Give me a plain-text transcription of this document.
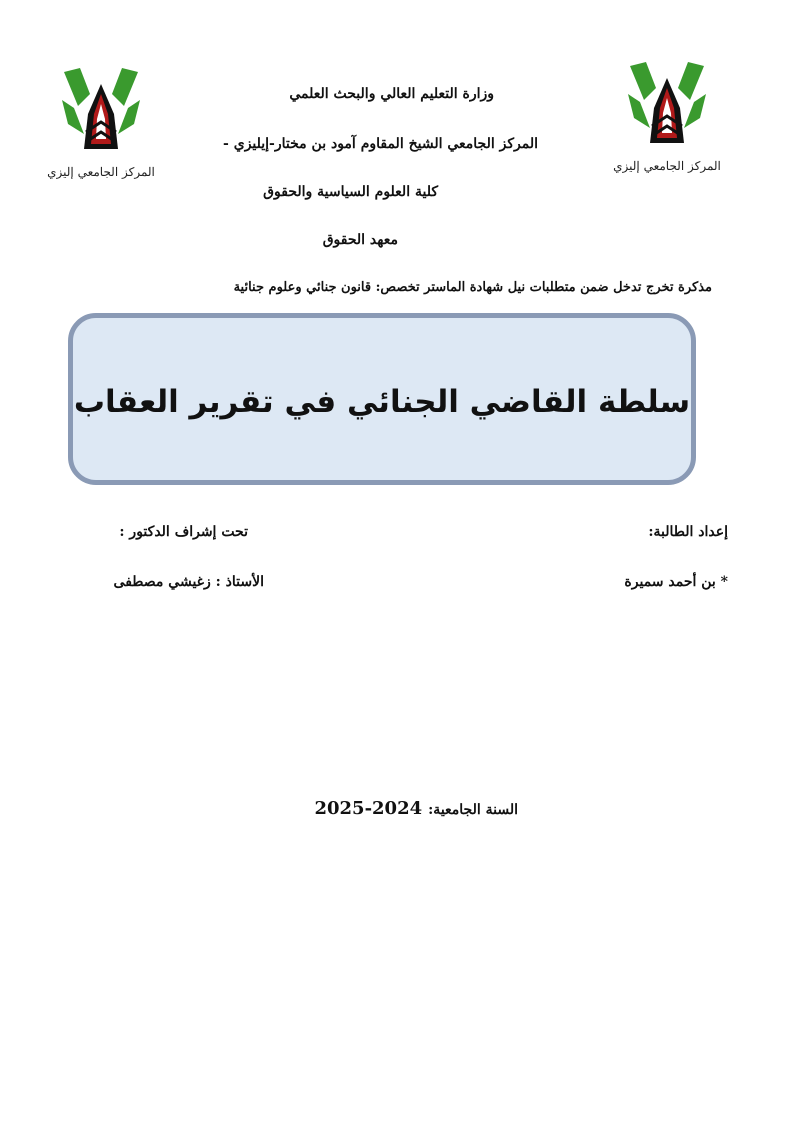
المركز الجامعي إليزي	المركز الجامعي إليزي
وزارة التعليم العالي والبحث العلمي
المركز الجامعي الشيخ المقاوم آمود بن مختار-إيليزي -
كلية العلوم السياسية والحقوق
معهد الحقوق
مذكرة تخرج تدخل ضمن متطلبات نيل شهادة الماستر تخصص: قانون جنائي وعلوم جنائية
سلطة القاضي الجنائي في تقرير العقاب
إعداد الطالبة:
* بن أحمد سميرة
تحت إشراف الدكتور :
الأستاذ : زغيشي مصطفى
السنة الجامعية:
2025-2024
